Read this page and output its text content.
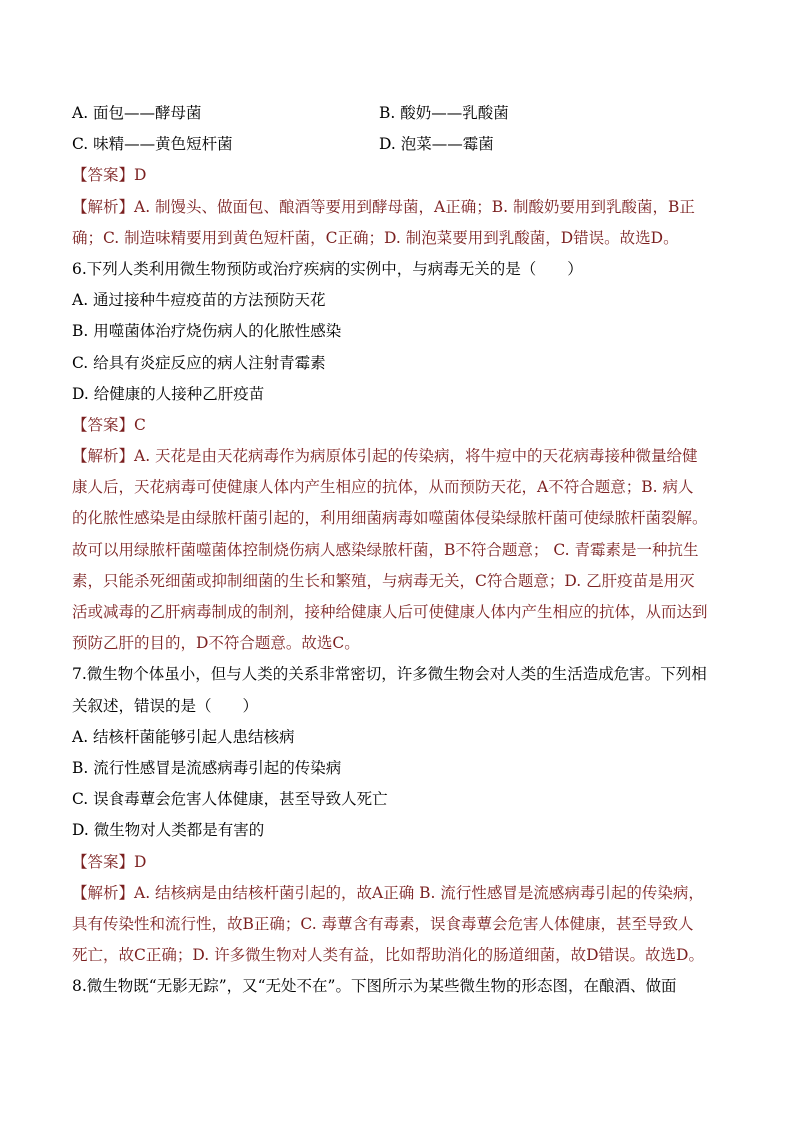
A. 面包——酵母菌	B. 酸奶——乳酸菌
C. 味精——黄色短杆菌	D. 泡菜——霉菌
【答案】D
【解析】A. 制馒头、做面包、酿酒等要用到酵母菌，A正确；B. 制酸奶要用到乳酸菌，B正
确；C. 制造味精要用到黄色短杆菌，C正确；D. 制泡菜要用到乳酸菌，D错误。故选D。
6.下列人类利用微生物预防或治疗疾病的实例中，与病毒无关的是（　　）
A. 通过接种牛痘疫苗的方法预防天花
B. 用噬菌体治疗烧伤病人的化脓性感染
C. 给具有炎症反应的病人注射青霉素
D. 给健康的人接种乙肝疫苗
【答案】C
【解析】A. 天花是由天花病毒作为病原体引起的传染病，将牛痘中的天花病毒接种微量给健
康人后，天花病毒可使健康人体内产生相应的抗体，从而预防天花，A不符合题意；B. 病人
的化脓性感染是由绿脓杆菌引起的，利用细菌病毒如噬菌体侵染绿脓杆菌可使绿脓杆菌裂解。
故可以用绿脓杆菌噬菌体控制烧伤病人感染绿脓杆菌，B不符合题意； C. 青霉素是一种抗生
素，只能杀死细菌或抑制细菌的生长和繁殖，与病毒无关，C符合题意；D. 乙肝疫苗是用灭
活或减毒的乙肝病毒制成的制剂，接种给健康人后可使健康人体内产生相应的抗体，从而达到
预防乙肝的目的，D不符合题意。故选C。
7.微生物个体虽小，但与人类的关系非常密切，许多微生物会对人类的生活造成危害。下列相
关叙述，错误的是（　　）
A. 结核杆菌能够引起人患结核病
B. 流行性感冒是流感病毒引起的传染病
C. 误食毒蕈会危害人体健康，甚至导致人死亡
D. 微生物对人类都是有害的
【答案】D
【解析】A. 结核病是由结核杆菌引起的，故A正确 B. 流行性感冒是流感病毒引起的传染病，
具有传染性和流行性，故B正确；C. 毒蕈含有毒素，误食毒蕈会危害人体健康，甚至导致人
死亡，故C正确；D. 许多微生物对人类有益，比如帮助消化的肠道细菌，故D错误。故选D。
8.微生物既“无影无踪”，又“无处不在”。下图所示为某些微生物的形态图，在酿酒、做面
